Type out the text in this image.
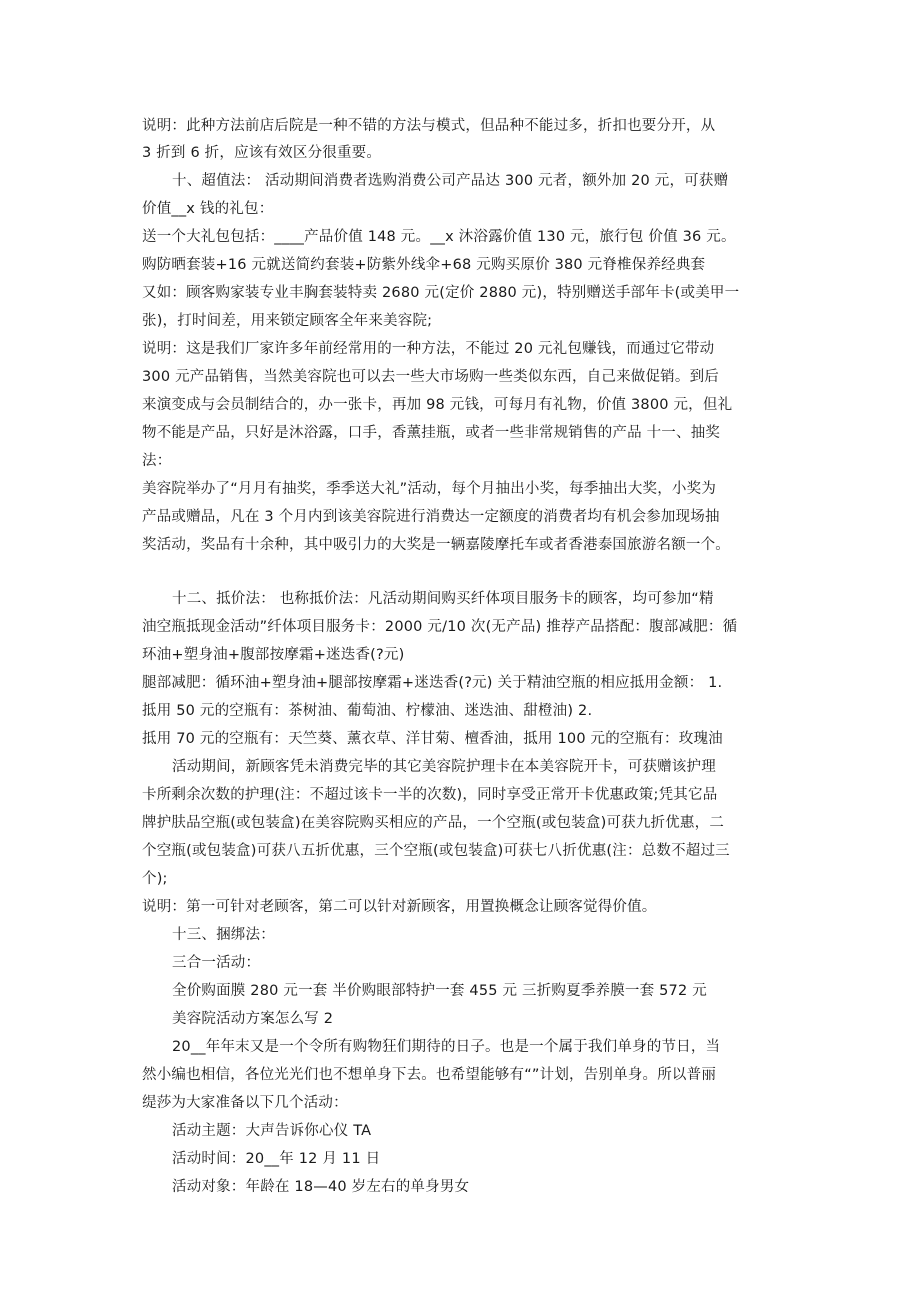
说明：此种方法前店后院是一种不错的方法与模式，但品种不能过多，折扣也要分开，从
3 折到 6 折，应该有效区分很重要。
十、超值法： 活动期间消费者选购消费公司产品达 300 元者，额外加 20 元，可获赠
价值__x 钱的礼包：
送一个大礼包包括：____产品价值 148 元。__x 沐浴露价值 130 元，旅行包 价值 36 元。
购防晒套装+16 元就送简约套装+防紫外线伞+68 元购买原价 380 元脊椎保养经典套
又如：顾客购家装专业丰胸套装特卖 2680 元(定价 2880 元)，特别赠送手部年卡(或美甲一
张)，打时间差，用来锁定顾客全年来美容院;
说明：这是我们厂家许多年前经常用的一种方法，不能过 20 元礼包赚钱，而通过它带动
300 元产品销售，当然美容院也可以去一些大市场购一些类似东西，自己来做促销。到后
来演变成与会员制结合的，办一张卡，再加 98 元钱，可每月有礼物，价值 3800 元，但礼
物不能是产品，只好是沐浴露，口手，香薰挂瓶，或者一些非常规销售的产品 十一、抽奖
法：
美容院举办了“月月有抽奖，季季送大礼”活动，每个月抽出小奖，每季抽出大奖，小奖为
产品或赠品，凡在 3 个月内到该美容院进行消费达一定额度的消费者均有机会参加现场抽
奖活动，奖品有十余种，其中吸引力的大奖是一辆嘉陵摩托车或者香港泰国旅游名额一个。
十二、抵价法： 也称抵价法：凡活动期间购买纤体项目服务卡的顾客，均可参加“精
油空瓶抵现金活动”纤体项目服务卡：2000 元/10 次(无产品) 推荐产品搭配：腹部减肥：循
环油+塑身油+腹部按摩霜+迷迭香(?元)
腿部减肥：循环油+塑身油+腿部按摩霜+迷迭香(?元) 关于精油空瓶的相应抵用金额： 1.
抵用 50 元的空瓶有：茶树油、葡萄油、柠檬油、迷迭油、甜橙油) 2.
抵用 70 元的空瓶有：天竺葵、薰衣草、洋甘菊、檀香油，抵用 100 元的空瓶有：玫瑰油
活动期间，新顾客凭未消费完毕的其它美容院护理卡在本美容院开卡，可获赠该护理
卡所剩余次数的护理(注：不超过该卡一半的次数)，同时享受正常开卡优惠政策;凭其它品
牌护肤品空瓶(或包装盒)在美容院购买相应的产品，一个空瓶(或包装盒)可获九折优惠，二
个空瓶(或包装盒)可获八五折优惠，三个空瓶(或包装盒)可获七八折优惠(注：总数不超过三
个);
说明：第一可针对老顾客，第二可以针对新顾客，用置换概念让顾客觉得价值。
十三、捆绑法：
三合一活动：
全价购面膜 280 元一套 半价购眼部特护一套 455 元 三折购夏季养膜一套 572 元
美容院活动方案怎么写 2
20__年年末又是一个令所有购物狂们期待的日子。也是一个属于我们单身的节日，当
然小编也相信，各位光光们也不想单身下去。也希望能够有“”计划，告别单身。所以普丽
缇莎为大家准备以下几个活动：
活动主题：大声告诉你心仪 TA
活动时间：20__年 12 月 11 日
活动对象：年龄在 18—40 岁左右的单身男女
